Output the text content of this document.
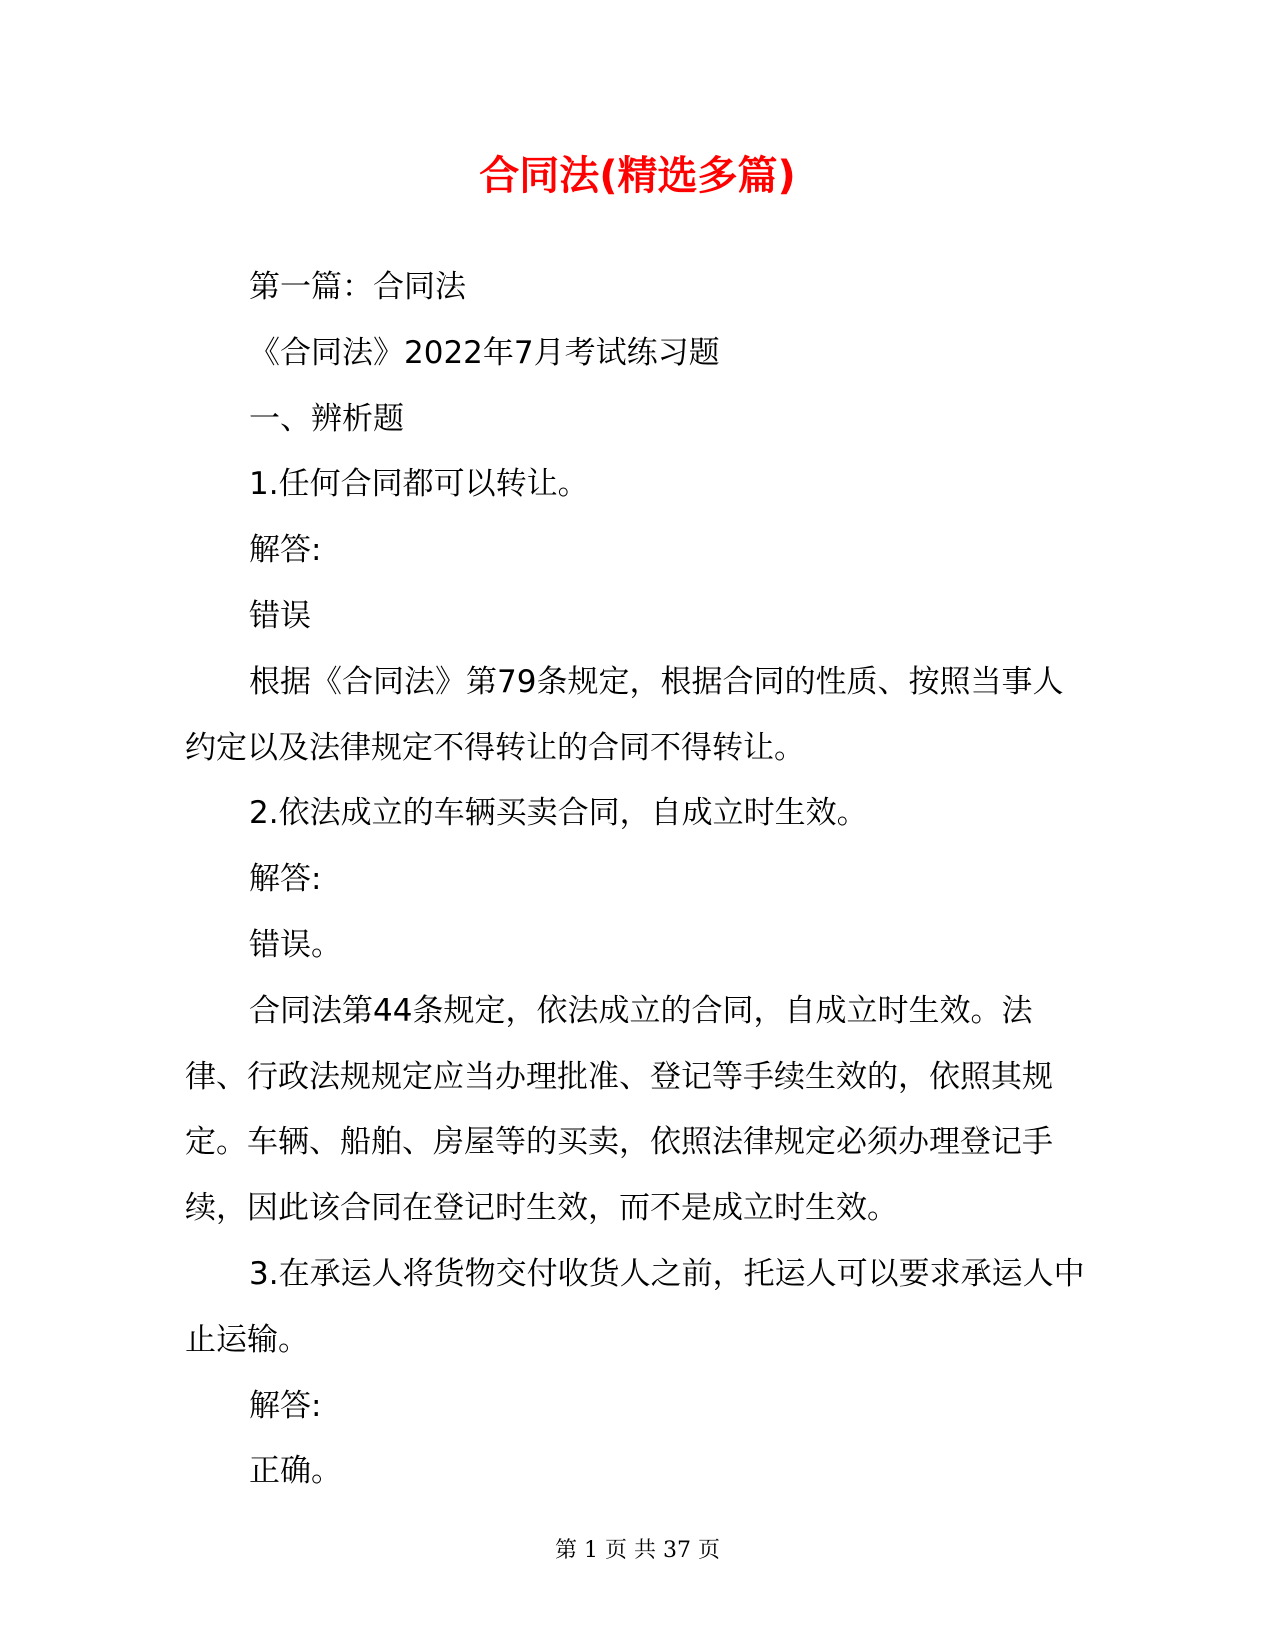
合同法(精选多篇)

第一篇：合同法

《合同法》2022年7月考试练习题

一、辨析题

1.任何合同都可以转让。

解答:

错误

根据《合同法》第79条规定，根据合同的性质、按照当事人约定以及法律规定不得转让的合同不得转让。

2.依法成立的车辆买卖合同，自成立时生效。

解答:

错误。

合同法第44条规定，依法成立的合同，自成立时生效。法律、行政法规规定应当办理批准、登记等手续生效的，依照其规定。车辆、船舶、房屋等的买卖，依照法律规定必须办理登记手续，因此该合同在登记时生效，而不是成立时生效。

3.在承运人将货物交付收货人之前，托运人可以要求承运人中止运输。

解答:

正确。

第 1 页 共 37 页
